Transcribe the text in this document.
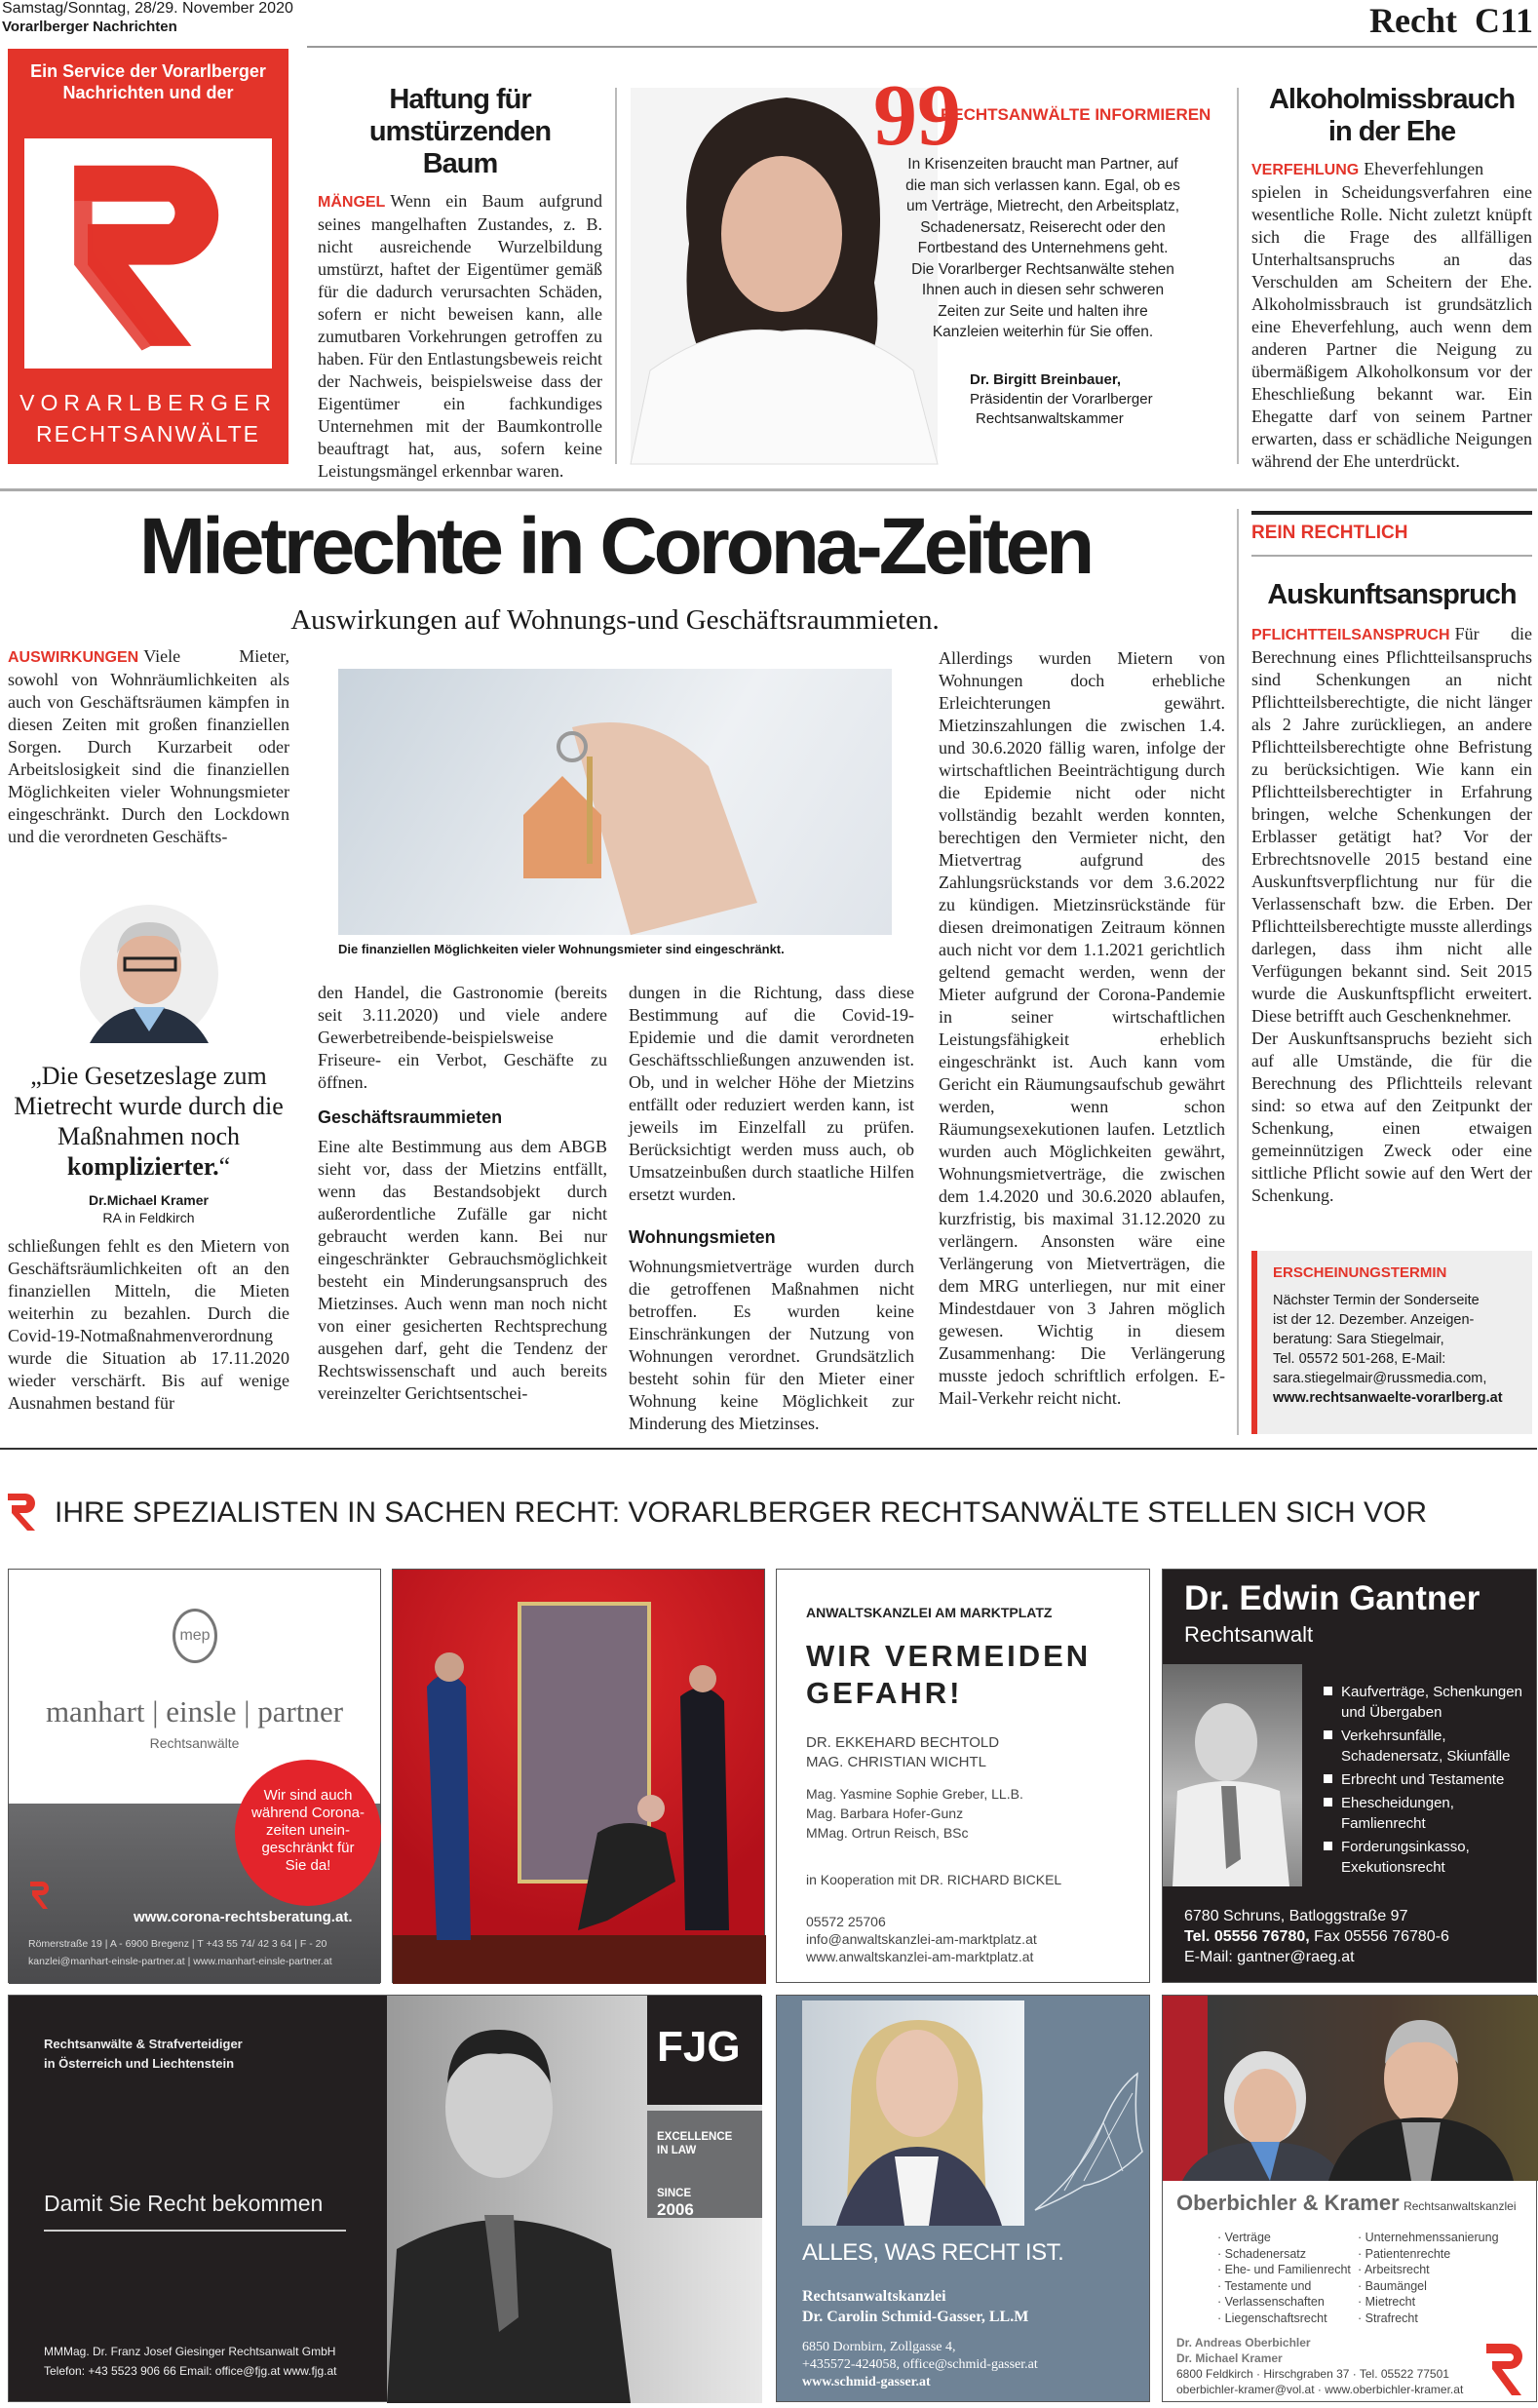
Samstag/Sonntag, 28/29. November 2020
Vorarlberger Nachrichten	Recht C11
Ein Service der Vorarlberger Nachrichten und der
VORARLBERGER
RECHTSANWÄLTE
Haftung für umstürzenden Baum

MÄNGEL Wenn ein Baum aufgrund seines mangelhaften Zustandes, z. B. nicht ausreichende Wurzelbildung umstürzt, haftet der Eigentümer gemäß für die dadurch verursachten Schäden, sofern er nicht beweisen kann, alle zumutbaren Vorkehrungen getroffen zu haben. Für den Entlastungsbeweis reicht der Nachweis, beispielsweise dass der Eigentümer ein fachkundiges Unternehmen mit der Baumkontrolle beauftragt hat, aus, sofern keine Leistungsmängel erkennbar waren.

99
RECHTSANWÄLTE INFORMIEREN
In Krisenzeiten braucht man Partner, auf
die man sich verlassen kann. Egal, ob es
um Verträge, Mietrecht, den Arbeitsplatz,
Schadenersatz, Reiserecht oder den
Fortbestand des Unternehmens geht.
Die Vorarlberger Rechtsanwälte stehen
Ihnen auch in diesen sehr schweren
Zeiten zur Seite und halten ihre
Kanzleien weiterhin für Sie offen.
Dr. Birgitt Breinbauer,
Präsidentin der Vorarlberger
Rechtsanwaltskammer
Alkoholmissbrauch in der Ehe

VERFEHLUNG Eheverfehlungen spielen in Scheidungsverfahren eine wesentliche Rolle. Nicht zuletzt knüpft sich die Frage des allfälligen Unterhaltsanspruchs an das Verschulden am Scheitern der Ehe. Alkoholmissbrauch ist grundsätzlich eine Eheverfehlung, auch wenn dem anderen Partner die Neigung zu übermäßigem Alkoholkonsum vor der Eheschließung bekannt war. Ein Ehegatte darf von seinem Partner erwarten, dass er schädliche Neigungen während der Ehe unterdrückt.

Mietrechte in Corona-Zeiten
Auswirkungen auf Wohnungs-und Geschäftsraummieten.

AUSWIRKUNGEN Viele Mieter, sowohl von Wohnräumlichkeiten als auch von Geschäftsräumen kämpfen in diesen Zeiten mit großen finanziellen Sorgen. Durch Kurzarbeit oder Arbeitslosigkeit sind die finanziellen Möglichkeiten vieler Wohnungsmieter eingeschränkt. Durch den Lockdown und die verordneten Geschäfts-

„Die Gesetzeslage zum Mietrecht wurde durch die Maßnahmen noch komplizierter.“
Dr.Michael Kramer
RA in Feldkirch

schließungen fehlt es den Mietern von Geschäftsräumlichkeiten oft an den finanziellen Mitteln, die Mieten weiterhin zu bezahlen. Durch die Covid-19-Notmaßnahmenverordnung wurde die Situation ab 17.11.2020 wieder verschärft. Bis auf wenige Ausnahmen bestand für

Die finanziellen Möglichkeiten vieler Wohnungsmieter sind eingeschränkt.

den Handel, die Gastronomie (bereits seit 3.11.2020) und viele andere Gewerbetreibende-beispielsweise Friseure- ein Verbot, Geschäfte zu öffnen.

Geschäftsraummieten

Eine alte Bestimmung aus dem ABGB sieht vor, dass der Mietzins entfällt, wenn das Bestandsobjekt durch außerordentliche Zufälle gar nicht gebraucht werden kann. Bei nur eingeschränkter Gebrauchsmöglichkeit besteht ein Minderungsanspruch des Mietzinses. Auch wenn man noch nicht von einer gesicherten Rechtsprechung ausgehen darf, geht die Tendenz der Rechtswissenschaft und auch bereits vereinzelter Gerichtsentschei-

dungen in die Richtung, dass diese Bestimmung auf die Covid-19-Epidemie und die damit verordneten Geschäftsschließungen anzuwenden ist. Ob, und in welcher Höhe der Mietzins entfällt oder reduziert werden kann, ist jeweils im Einzelfall zu prüfen. Berücksichtigt werden muss auch, ob Umsatzeinbußen durch staatliche Hilfen ersetzt wurden.

Wohnungsmieten

Wohnungsmietverträge wurden durch die getroffenen Maßnahmen nicht betroffen. Es wurden keine Einschränkungen der Nutzung von Wohnungen verordnet. Grundsätzlich besteht sohin für den Mieter einer Wohnung keine Möglichkeit zur Minderung des Mietzinses.

Allerdings wurden Mietern von Wohnungen doch erhebliche Erleichterungen gewährt. Mietzinszahlungen die zwischen 1.4. und 30.6.2020 fällig waren, infolge der wirtschaftlichen Beeinträchtigung durch die Epidemie nicht oder nicht vollständig bezahlt werden konnten, berechtigen den Vermieter nicht, den Mietvertrag aufgrund des Zahlungsrückstands vor dem 3.6.2022 zu kündigen. Mietzinsrückstände für diesen dreimonatigen Zeitraum können auch nicht vor dem 1.1.2021 gerichtlich geltend gemacht werden, wenn der Mieter aufgrund der Corona-Pandemie in seiner wirtschaftlichen Leistungsfähigkeit erheblich eingeschränkt ist. Auch kann vom Gericht ein Räumungsaufschub gewährt werden, wenn schon Räumungsexekutionen laufen. Letztlich wurden auch Möglichkeiten gewährt, Wohnungsmietverträge, die zwischen dem 1.4.2020 und 30.6.2020 ablaufen, kurzfristig, bis maximal 31.12.2020 zu verlängern. Ansonsten wäre eine Verlängerung von Mietverträgen, die dem MRG unterliegen, nur mit einer Mindestdauer von 3 Jahren möglich gewesen. Wichtig in diesem Zusammenhang: Die Verlängerung musste jedoch schriftlich erfolgen. E-Mail-Verkehr reicht nicht.

REIN RECHTLICH
Auskunftsanspruch

PFLICHTTEILSANSPRUCH Für die Berechnung eines Pflichtteilsanspruchs sind Schenkungen an nicht Pflichtteilsberechtigte, die nicht länger als 2 Jahre zurückliegen, an andere Pflichtteilsberechtigte ohne Befristung zu berücksichtigen. Wie kann ein Pflichtteilsberechtigter in Erfahrung bringen, welche Schenkungen der Erblasser getätigt hat? Vor der Erbrechtsnovelle 2015 bestand eine Auskunftsverpflichtung nur für die Verlassenschaft bzw. die Erben. Der Pflichtteilsberechtigte musste allerdings darlegen, dass ihm nicht alle Verfügungen bekannt sind. Seit 2015 wurde die Auskunftspflicht erweitert. Diese betrifft auch Geschenknehmer.

Der Auskunftsanspruchs bezieht sich auf alle Umstände, die für die Berechnung des Pflichtteils relevant sind: so etwa auf den Zeitpunkt der Schenkung, einen etwaigen gemeinnützigen Zweck oder eine sittliche Pflicht sowie auf den Wert der Schenkung.

ERSCHEINUNGSTERMIN
Nächster Termin der Sonderseite
ist der 12. Dezember. Anzeigen-
beratung: Sara Stiegelmair,
Tel. 05572 501-268, E-Mail:
sara.stiegelmair@russmedia.com,
www.rechtsanwaelte-vorarlberg.at
IHRE SPEZIALISTEN IN SACHEN RECHT: VORARLBERGER RECHTSANWÄLTE STELLEN SICH VOR
mep
manhart | einsle | partner
Rechtsanwälte
Wir sind auch
während Corona-
zeiten unein-
geschränkt für
Sie da!
www.corona-rechtsberatung.at.
Römerstraße 19 | A - 6900 Bregenz | T +43 55 74/ 42 3 64 | F - 20
kanzlei@manhart-einsle-partner.at | www.manhart-einsle-partner.at
ANWALTSKANZLEI AM MARKTPLATZ
WIR VERMEIDEN
GEFAHR!
DR. EKKEHARD BECHTOLD
MAG. CHRISTIAN WICHTL
Mag. Yasmine Sophie Greber, LL.B.
Mag. Barbara Hofer-Gunz
MMag. Ortrun Reisch, BSc
in Kooperation mit DR. RICHARD BICKEL
05572 25706
info@anwaltskanzlei-am-marktplatz.at
www.anwaltskanzlei-am-marktplatz.at
Dr. Edwin Gantner
Rechtsanwalt
Kaufverträge, Schenkungen
und Übergaben
Verkehrsunfälle,
Schadenersatz, Skiunfälle
Erbrecht und Testamente
Ehescheidungen,
Famlienrecht
Forderungsinkasso,
Exekutionsrecht
6780 Schruns, Batloggstraße 97
Tel. 05556 76780, Fax 05556 76780-6
E-Mail: gantner@raeg.at
Rechtsanwälte & Strafverteidiger
in Österreich und Liechtenstein
Damit Sie Recht bekommen
MMMag. Dr. Franz Josef Giesinger Rechtsanwalt GmbH
Telefon: +43 5523 906 66 Email: office@fjg.at www.fjg.at
FJG
EXCELLENCE
IN LAW
SINCE
2006
ALLES, WAS RECHT IST.
Rechtsanwaltskanzlei
Dr. Carolin Schmid-Gasser, LL.M
6850 Dornbirn, Zollgasse 4,
+435572-424058, office@schmid-gasser.at
www.schmid-gasser.at
Oberbichler & Kramer Rechtsanwaltskanzlei
· Verträge
· Schadenersatz
· Ehe- und Familienrecht
· Testamente und
· Verlassenschaften
· Liegenschaftsrecht
· Unternehmenssanierung
· Patientenrechte
· Arbeitsrecht
· Baumängel
· Mietrecht
· Strafrecht
Dr. Andreas Oberbichler
Dr. Michael Kramer
6800 Feldkirch · Hirschgraben 37 · Tel. 05522 77501
oberbichler-kramer@vol.at · www.oberbichler-kramer.at
